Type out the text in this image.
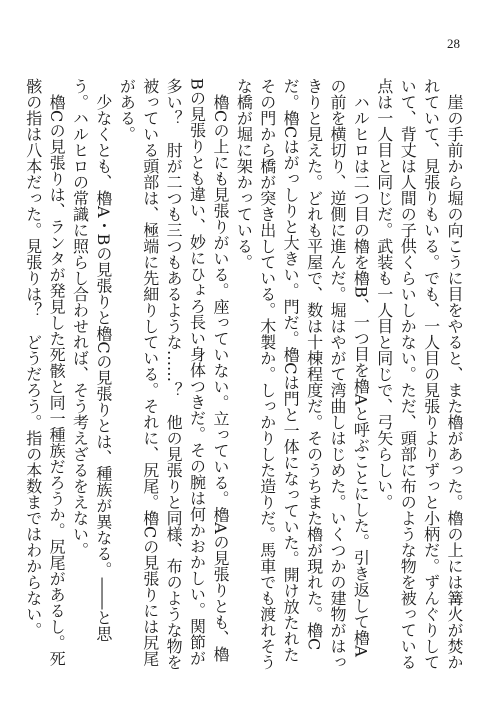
28

崖の手前から堀の向こうに目をやると、また櫓があった。櫓の上には篝火が焚かれていて、見張りもいる。でも、一人目の見張りよりずっと小柄だ。ずんぐりしていて、背丈は人間の子供くらいしかない。ただ、頭部に布のような物を被っている点は一人目と同じだ。武装も一人目と同じで、弓矢らしい。

ハルヒロは二つ目の櫓を櫓B、一つ目を櫓Aと呼ぶことにした。引き返して櫓Aの前を横切り、逆側に進んだ。堀はやがて湾曲しはじめた。いくつかの建物がはっきりと見えた。どれも平屋で、数は十棟程度だ。そのうちまた櫓が現れた。櫓Cだ。櫓Cはがっしりと大きい。門だ。櫓Cは門と一体になっていた。開け放たれたその門から橋が突き出している。木製か。しっかりした造りだ。馬車でも渡れそうな橋が堀に架かっている。

櫓Cの上にも見張りがいる。座っていない。立っている。櫓Aの見張りとも、櫓Bの見張りとも違い、妙にひょろ長い身体つきだ。その腕は何かおかしい。関節が多い？　肘が二つも三つもあるような……？　他の見張りと同様、布のような物を被っている頭部は、極端に先細りしている。それに、尻尾。櫓Cの見張りには尻尾がある。

少なくとも、櫓A・Bの見張りと櫓Cの見張りとは、種族が異なる。――と思う。ハルヒロの常識に照らし合わせれば、そう考えざるをえない。

櫓Cの見張りは、ランタが発見した死骸と同一種族だろうか。尻尾があるし。死骸の指は八本だった。見張りは？　どうだろう。指の本数まではわからない。
